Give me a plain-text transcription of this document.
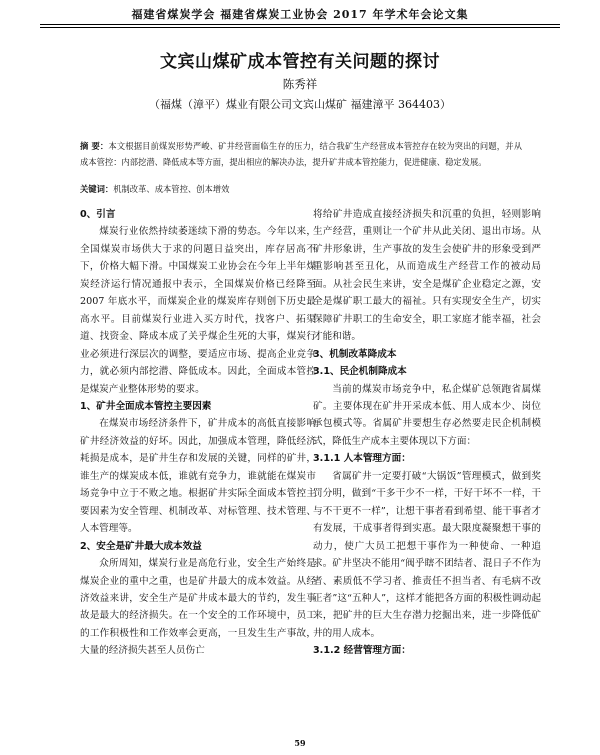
福建省煤炭学会 福建省煤炭工业协会 2017 年学术年会论文集
文宾山煤矿成本管控有关问题的探讨
陈秀祥
（福煤（漳平）煤业有限公司文宾山煤矿 福建漳平 364403）
摘 要：本文根据目前煤炭形势严峻、矿井经营面临生存的压力，结合我矿生产经营成本管控存在较为突出的问题，并从成本管控：内部挖潜、降低成本等方面，提出相应的解决办法，提升矿井成本管控能力，促进健康、稳定发展。
关键词：机制改革、成本管控、创本增效

0、引言

煤炭行业依然持续萎迷续下滑的势态。今年以来，全国煤炭市场供大于求的问题日益突出，库存居高不下，价格大幅下滑。中国煤炭工业协会在今年上半年煤炭经济运行情况通报中表示，全国煤炭价格已经降至2007 年底水平，而煤炭企业的煤炭库存则创下历史最高水平。目前煤炭行业进入买方时代，找客户、拓渠道、找资金、降成本成了关乎煤企生死的大事，煤炭行业必须进行深层次的调整，要适应市场、提高企业竞争力，就必须内部挖潜、降低成本。因此，全面成本管控是煤炭产业整体形势的要求。

1、矿井全面成本管控主要因素

在煤炭市场经济条件下，矿井成本的高低直接影响矿井经济效益的好坏。因此，加强成本管理，降低经济耗损是成本，是矿井生存和发展的关键，同样的矿井，谁生产的煤炭成本低，谁就有竞争力，谁就能在煤炭市场竞争中立于不败之地。根据矿井实际全面成本管控主要因素为安全管理、机制改革、对标管理、技术管理、人本管理等。

2、安全是矿井最大成本效益

众所周知，煤炭行业是高危行业，安全生产始终是煤炭企业的重中之重，也是矿井最大的成本效益。从经济效益来讲，安全生产是矿井成本最大的节约，发生事故是最大的经济损失。在一个安全的工作环境中，员工的工作积极性和工作效率会更高，一旦发生生产事故，大量的经济损失甚至人员伤亡

将给矿井造成直接经济损失和沉重的负担，轻则影响生产经营，重则让一个矿井从此关闭、退出市场。从矿井形象讲，生产事故的发生会使矿井的形象受到严重影响甚至丑化，从而造成生产经营工作的被动局面。从社会民生来讲，安全是煤矿企业稳定之源，安全是煤矿职工最大的福祉。只有实现安全生产，切实保障矿井职工的生命安全，职工家庭才能幸福，社会才能和谐。

3、机制改革降成本

3.1、民企机制降成本

当前的煤炭市场竞争中，私企煤矿总领跑省属煤矿。主要体现在矿井开采成本低、用人成本少、岗位承包模式等。省属矿井要想生存必然要走民企机制模式，降低生产成本主要体现以下方面：

3.1.1 人本管理方面：

省属矿井一定要打破“大锅饭”管理模式，做到奖罚分明，做到“干多干少不一样，干好干坏不一样，干与不干更不一样”，让想干事者看到希望、能干事者才有发展，干成事者得到实惠。最大限度凝聚想干事的动力，使广大员工把想干事作为一种使命、一种追求。矿井坚决不能用“阀乎瞎不团结者、混日子不作为者、素质低不学习者、推责任不担当者、有毛病不改正者”这“五种人”，这样才能把各方面的积极性调动起来，把矿井的巨大生存潜力挖掘出来，进一步降低矿井的用人成本。

3.1.2 经营管理方面：

59
